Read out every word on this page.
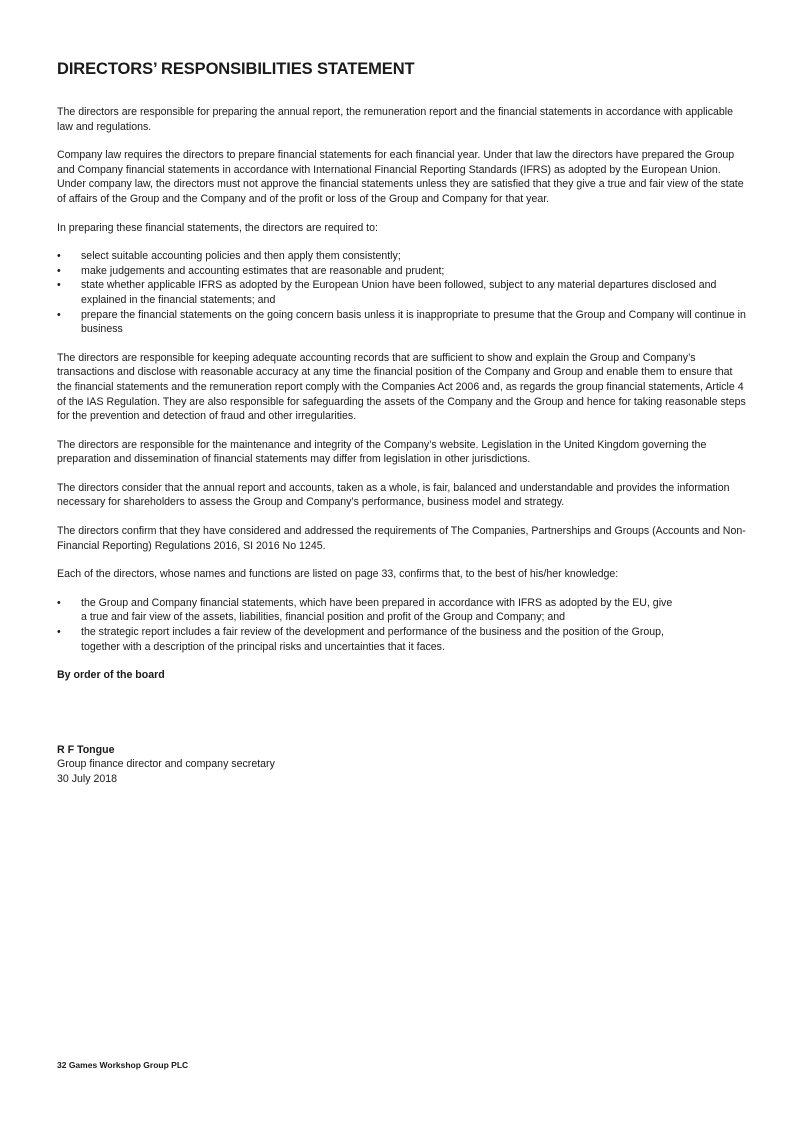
DIRECTORS’ RESPONSIBILITIES STATEMENT

The directors are responsible for preparing the annual report, the remuneration report and the financial statements in accordance with applicable law and regulations.

Company law requires the directors to prepare financial statements for each financial year. Under that law the directors have prepared the Group and Company financial statements in accordance with International Financial Reporting Standards (IFRS) as adopted by the European Union. Under company law, the directors must not approve the financial statements unless they are satisfied that they give a true and fair view of the state of affairs of the Group and the Company and of the profit or loss of the Group and Company for that year.

In preparing these financial statements, the directors are required to:

• select suitable accounting policies and then apply them consistently;
• make judgements and accounting estimates that are reasonable and prudent;
• state whether applicable IFRS as adopted by the European Union have been followed, subject to any material departures disclosed and explained in the financial statements; and
• prepare the financial statements on the going concern basis unless it is inappropriate to presume that the Group and Company will continue in business

The directors are responsible for keeping adequate accounting records that are sufficient to show and explain the Group and Company’s transactions and disclose with reasonable accuracy at any time the financial position of the Company and Group and enable them to ensure that the financial statements and the remuneration report comply with the Companies Act 2006 and, as regards the group financial statements, Article 4 of the IAS Regulation. They are also responsible for safeguarding the assets of the Company and the Group and hence for taking reasonable steps for the prevention and detection of fraud and other irregularities.

The directors are responsible for the maintenance and integrity of the Company’s website. Legislation in the United Kingdom governing the preparation and dissemination of financial statements may differ from legislation in other jurisdictions.

The directors consider that the annual report and accounts, taken as a whole, is fair, balanced and understandable and provides the information necessary for shareholders to assess the Group and Company’s performance, business model and strategy.

The directors confirm that they have considered and addressed the requirements of The Companies, Partnerships and Groups (Accounts and Non-Financial Reporting) Regulations 2016, SI 2016 No 1245.

Each of the directors, whose names and functions are listed on page 33, confirms that, to the best of his/her knowledge:

• the Group and Company financial statements, which have been prepared in accordance with IFRS as adopted by the EU, give a true and fair view of the assets, liabilities, financial position and profit of the Group and Company; and
• the strategic report includes a fair review of the development and performance of the business and the position of the Group, together with a description of the principal risks and uncertainties that it faces.

By order of the board

R F Tongue

Group finance director and company secretary

30 July 2018

32 Games Workshop Group PLC
